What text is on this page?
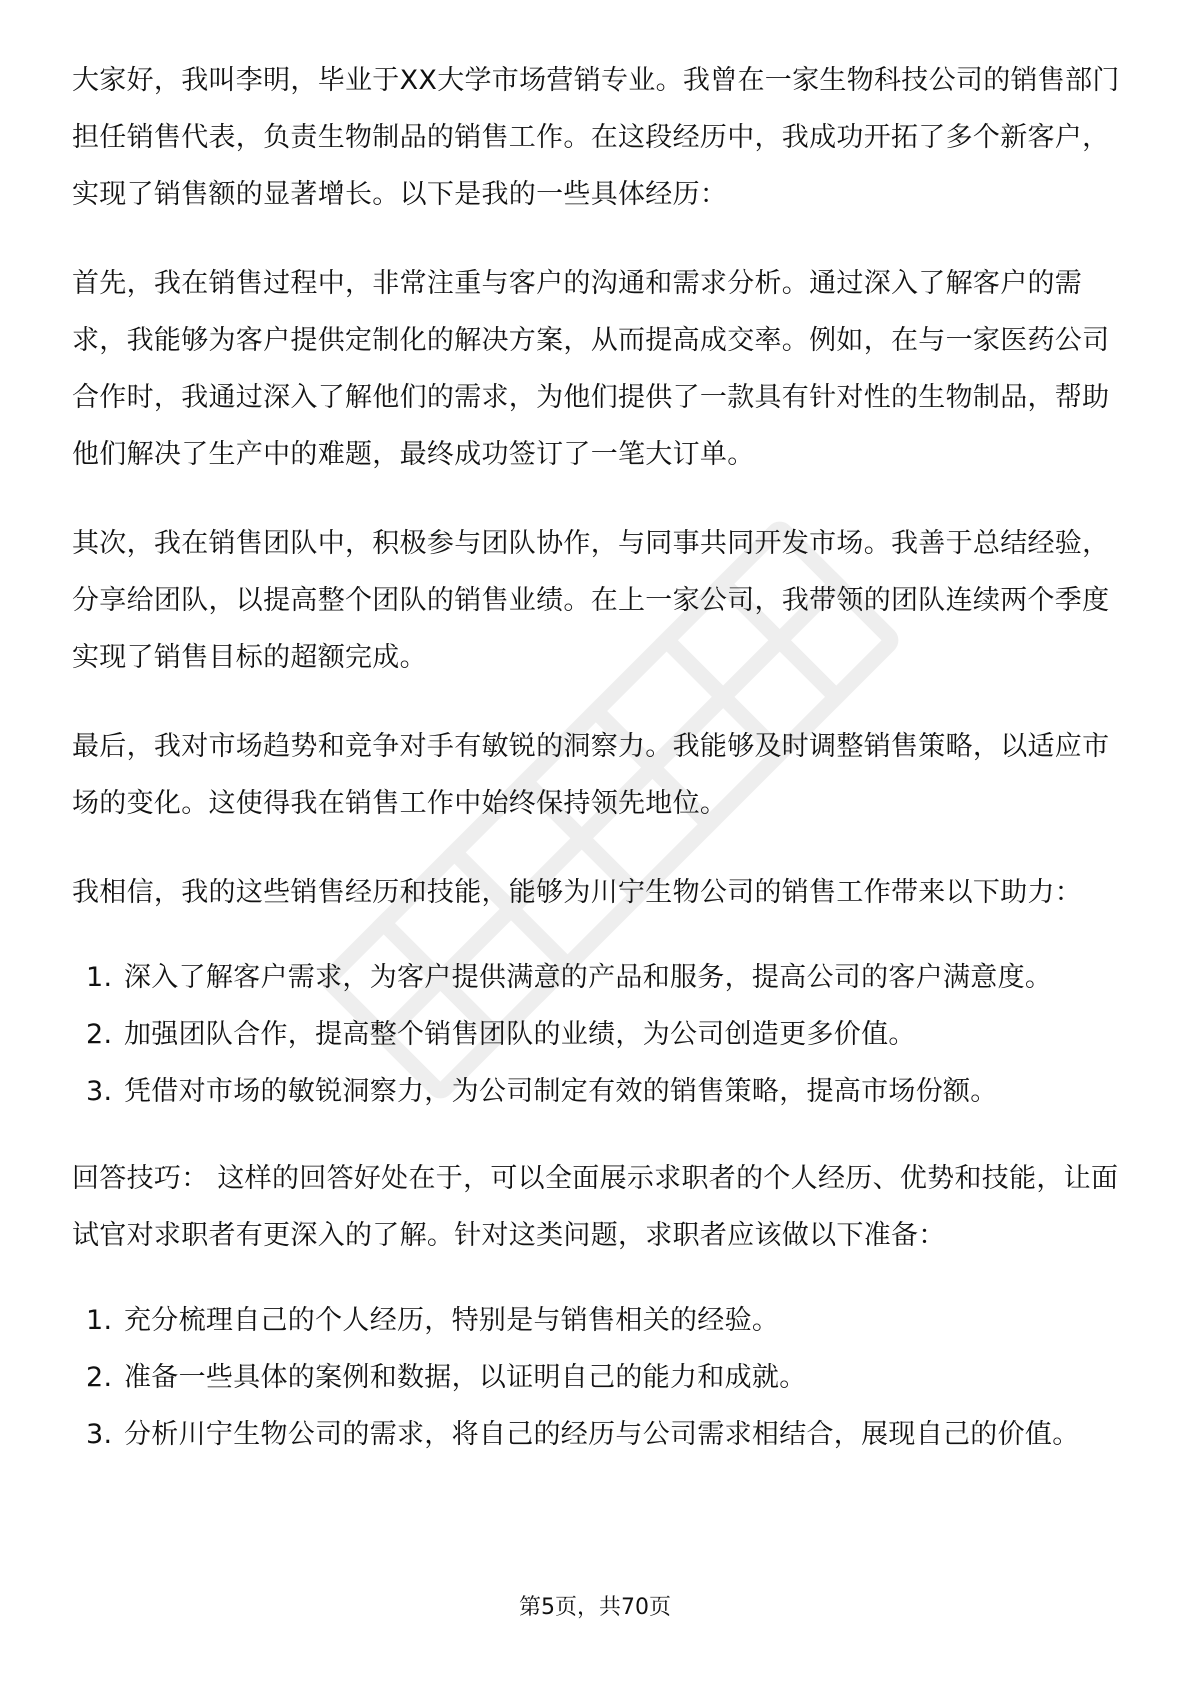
大家好，我叫李明，毕业于XX大学市场营销专业。我曾在一家生物科技公司的销售部门担任销售代表，负责生物制品的销售工作。在这段经历中，我成功开拓了多个新客户，实现了销售额的显著增长。以下是我的一些具体经历：

首先，我在销售过程中，非常注重与客户的沟通和需求分析。通过深入了解客户的需求，我能够为客户提供定制化的解决方案，从而提高成交率。例如，在与一家医药公司合作时，我通过深入了解他们的需求，为他们提供了一款具有针对性的生物制品，帮助他们解决了生产中的难题，最终成功签订了一笔大订单。

其次，我在销售团队中，积极参与团队协作，与同事共同开发市场。我善于总结经验，分享给团队，以提高整个团队的销售业绩。在上一家公司，我带领的团队连续两个季度实现了销售目标的超额完成。

最后，我对市场趋势和竞争对手有敏锐的洞察力。我能够及时调整销售策略，以适应市场的变化。这使得我在销售工作中始终保持领先地位。

我相信，我的这些销售经历和技能，能够为川宁生物公司的销售工作带来以下助力：

1. 深入了解客户需求，为客户提供满意的产品和服务，提高公司的客户满意度。
2. 加强团队合作，提高整个销售团队的业绩，为公司创造更多价值。
3. 凭借对市场的敏锐洞察力，为公司制定有效的销售策略，提高市场份额。

回答技巧： 这样的回答好处在于，可以全面展示求职者的个人经历、优势和技能，让面试官对求职者有更深入的了解。针对这类问题，求职者应该做以下准备：

1. 充分梳理自己的个人经历，特别是与销售相关的经验。
2. 准备一些具体的案例和数据，以证明自己的能力和成就。
3. 分析川宁生物公司的需求，将自己的经历与公司需求相结合，展现自己的价值。
第5页，共70页
